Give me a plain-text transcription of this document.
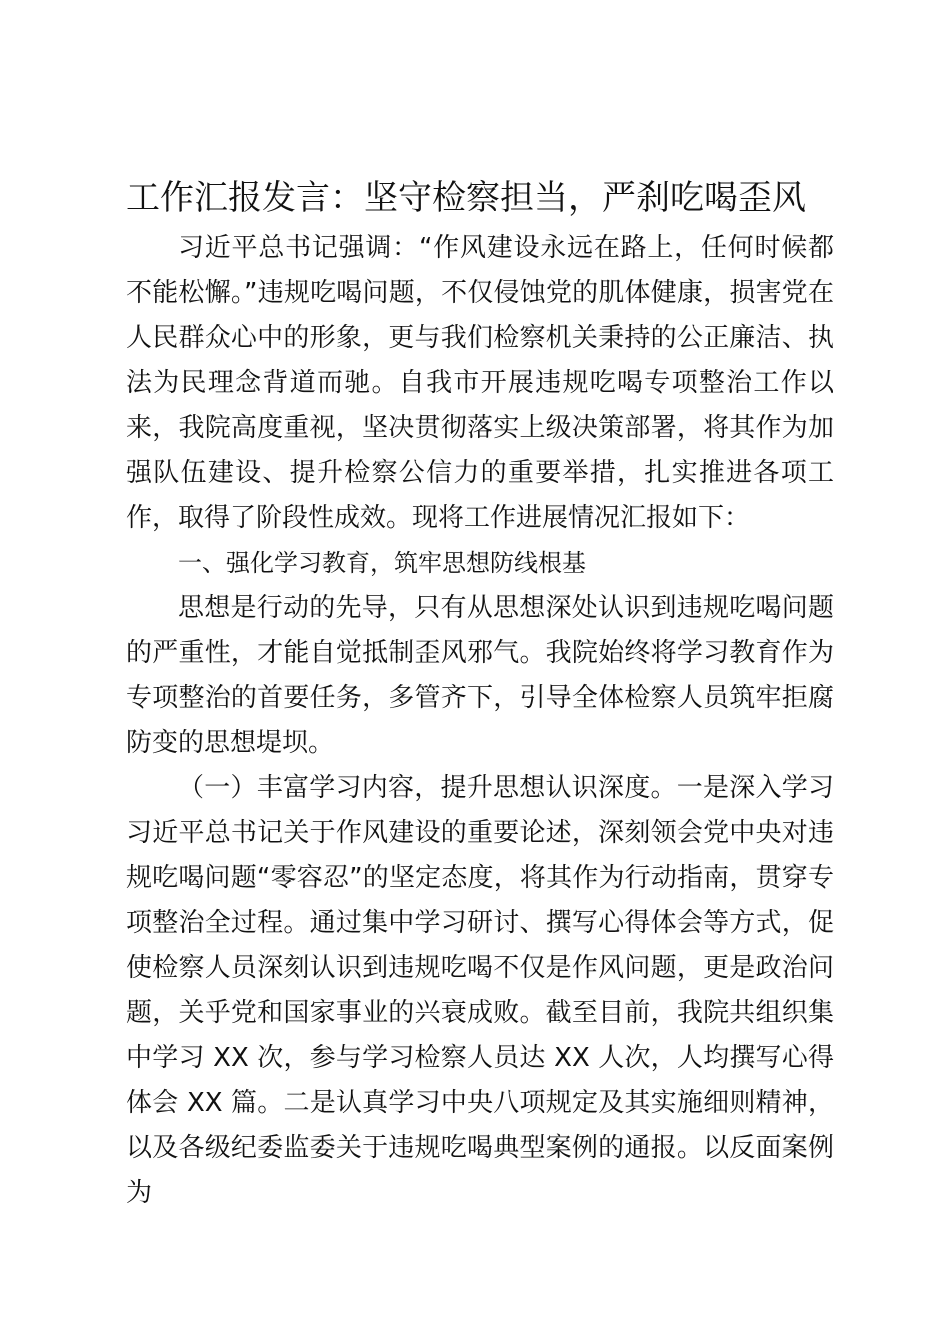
工作汇报发言：坚守检察担当，严刹吃喝歪风

习近平总书记强调：“作风建设永远在路上，任何时候都不能松懈。”违规吃喝问题，不仅侵蚀党的肌体健康，损害党在人民群众心中的形象，更与我们检察机关秉持的公正廉洁、执法为民理念背道而驰。自我市开展违规吃喝专项整治工作以来，我院高度重视，坚决贯彻落实上级决策部署，将其作为加强队伍建设、提升检察公信力的重要举措，扎实推进各项工作，取得了阶段性成效。现将工作进展情况汇报如下：

一、强化学习教育，筑牢思想防线根基

思想是行动的先导，只有从思想深处认识到违规吃喝问题的严重性，才能自觉抵制歪风邪气。我院始终将学习教育作为专项整治的首要任务，多管齐下，引导全体检察人员筑牢拒腐防变的思想堤坝。

（一）丰富学习内容，提升思想认识深度。一是深入学习习近平总书记关于作风建设的重要论述，深刻领会党中央对违规吃喝问题“零容忍”的坚定态度，将其作为行动指南，贯穿专项整治全过程。通过集中学习研讨、撰写心得体会等方式，促使检察人员深刻认识到违规吃喝不仅是作风问题，更是政治问题，关乎党和国家事业的兴衰成败。截至目前，我院共组织集中学习 XX 次，参与学习检察人员达 XX 人次，人均撰写心得体会 XX 篇。二是认真学习中央八项规定及其实施细则精神，以及各级纪委监委关于违规吃喝典型案例的通报。以反面案例为
